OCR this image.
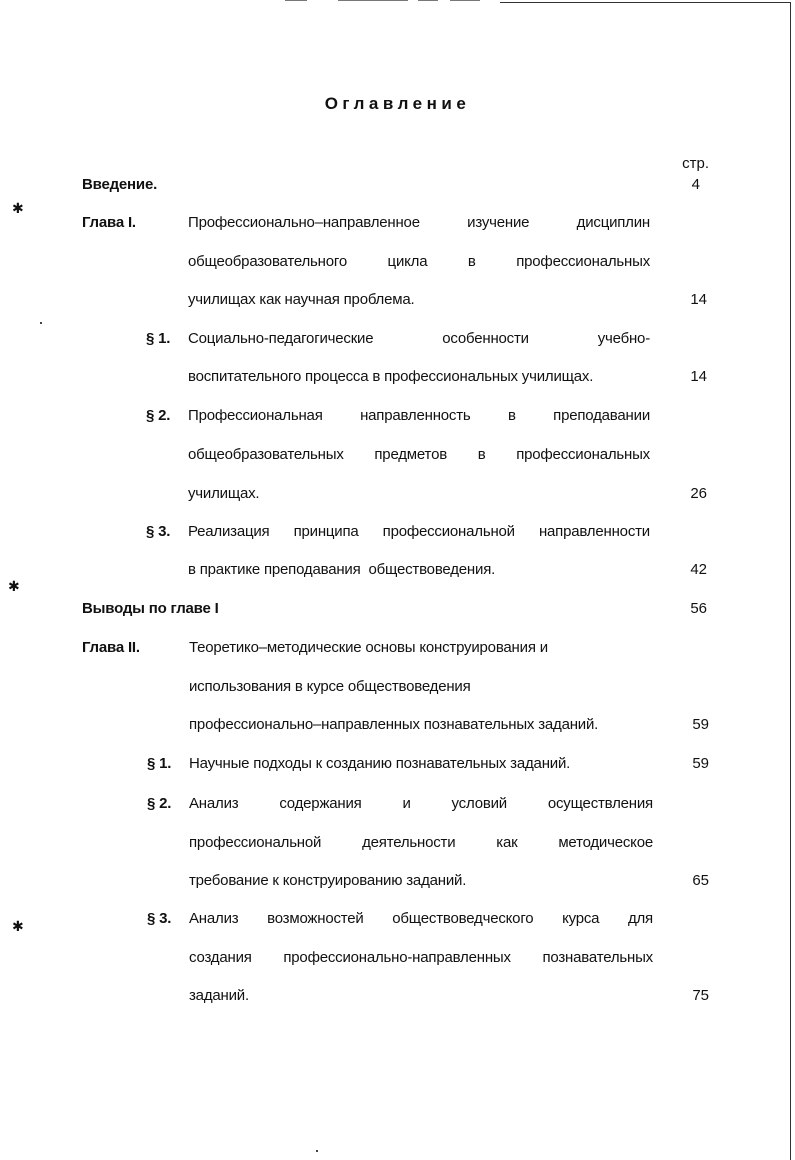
✱
✱
✱
Оглавление
стр.
Введение.	4
Глава I.	Профессионально–направленное	изучение	дисциплин
общеобразовательного	цикла	в	профессиональных
училищах как научная проблема.	14
§ 1. Социально-педагогические	особенности	учебно-
воспитательного процесса в профессиональных училищах.	14
§ 2. Профессиональная направленность в преподавании
общеобразовательных предметов в профессиональных
училищах.	26
§ 3. Реализация принципа профессиональной направленности
в практике преподавания  обществоведения.	42
Выводы по главе I	56
Глава II.	Теоретико–методические основы конструирования и
использования в курсе обществоведения
профессионально–направленных познавательных заданий.	59
§ 1. Научные подходы к созданию познавательных заданий.	59
§ 2. Анализ	содержания	и	условий	осуществления
профессиональной	деятельности	как	методическое
требование к конструированию заданий.	65
§ 3. Анализ возможностей обществоведческого курса для
создания профессионально-направленных познавательных
заданий.	75
